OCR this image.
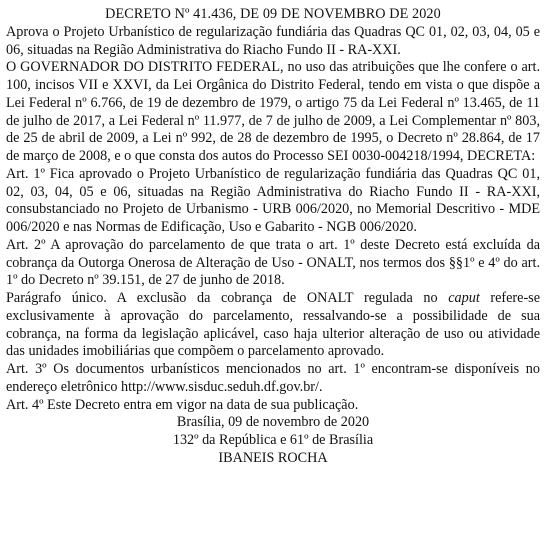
DECRETO Nº 41.436, DE 09 DE NOVEMBRO DE 2020

Aprova o Projeto Urbanístico de regularização fundiária das Quadras QC 01, 02, 03, 04, 05 e 06, situadas na Região Administrativa do Riacho Fundo II - RA-XXI.

O GOVERNADOR DO DISTRITO FEDERAL, no uso das atribuições que lhe confere o art. 100, incisos VII e XXVI, da Lei Orgânica do Distrito Federal, tendo em vista o que dispõe a Lei Federal nº 6.766, de 19 de dezembro de 1979, o artigo 75 da Lei Federal nº 13.465, de 11 de julho de 2017, a Lei Federal nº 11.977, de 7 de julho de 2009, a Lei Complementar nº 803, de 25 de abril de 2009, a Lei nº 992, de 28 de dezembro de 1995, o Decreto nº 28.864, de 17 de março de 2008, e o que consta dos autos do Processo SEI 0030-004218/1994, DECRETA:

Art. 1º Fica aprovado o Projeto Urbanístico de regularização fundiária das Quadras QC 01, 02, 03, 04, 05 e 06, situadas na Região Administrativa do Riacho Fundo II - RA-XXI, consubstanciado no Projeto de Urbanismo - URB 006/2020, no Memorial Descritivo - MDE 006/2020 e nas Normas de Edificação, Uso e Gabarito - NGB 006/2020.

Art. 2º A aprovação do parcelamento de que trata o art. 1º deste Decreto está excluída da cobrança da Outorga Onerosa de Alteração de Uso - ONALT, nos termos dos §§1º e 4º do art. 1º do Decreto nº 39.151, de 27 de junho de 2018.

Parágrafo único. A exclusão da cobrança de ONALT regulada no caput refere-se exclusivamente à aprovação do parcelamento, ressalvando-se a possibilidade de sua cobrança, na forma da legislação aplicável, caso haja ulterior alteração de uso ou atividade das unidades imobiliárias que compõem o parcelamento aprovado.

Art. 3º Os documentos urbanísticos mencionados no art. 1º encontram-se disponíveis no endereço eletrônico http://www.sisduc.seduh.df.gov.br/.

Art. 4º Este Decreto entra em vigor na data de sua publicação.

Brasília, 09 de novembro de 2020

132º da República e 61º de Brasília

IBANEIS ROCHA
